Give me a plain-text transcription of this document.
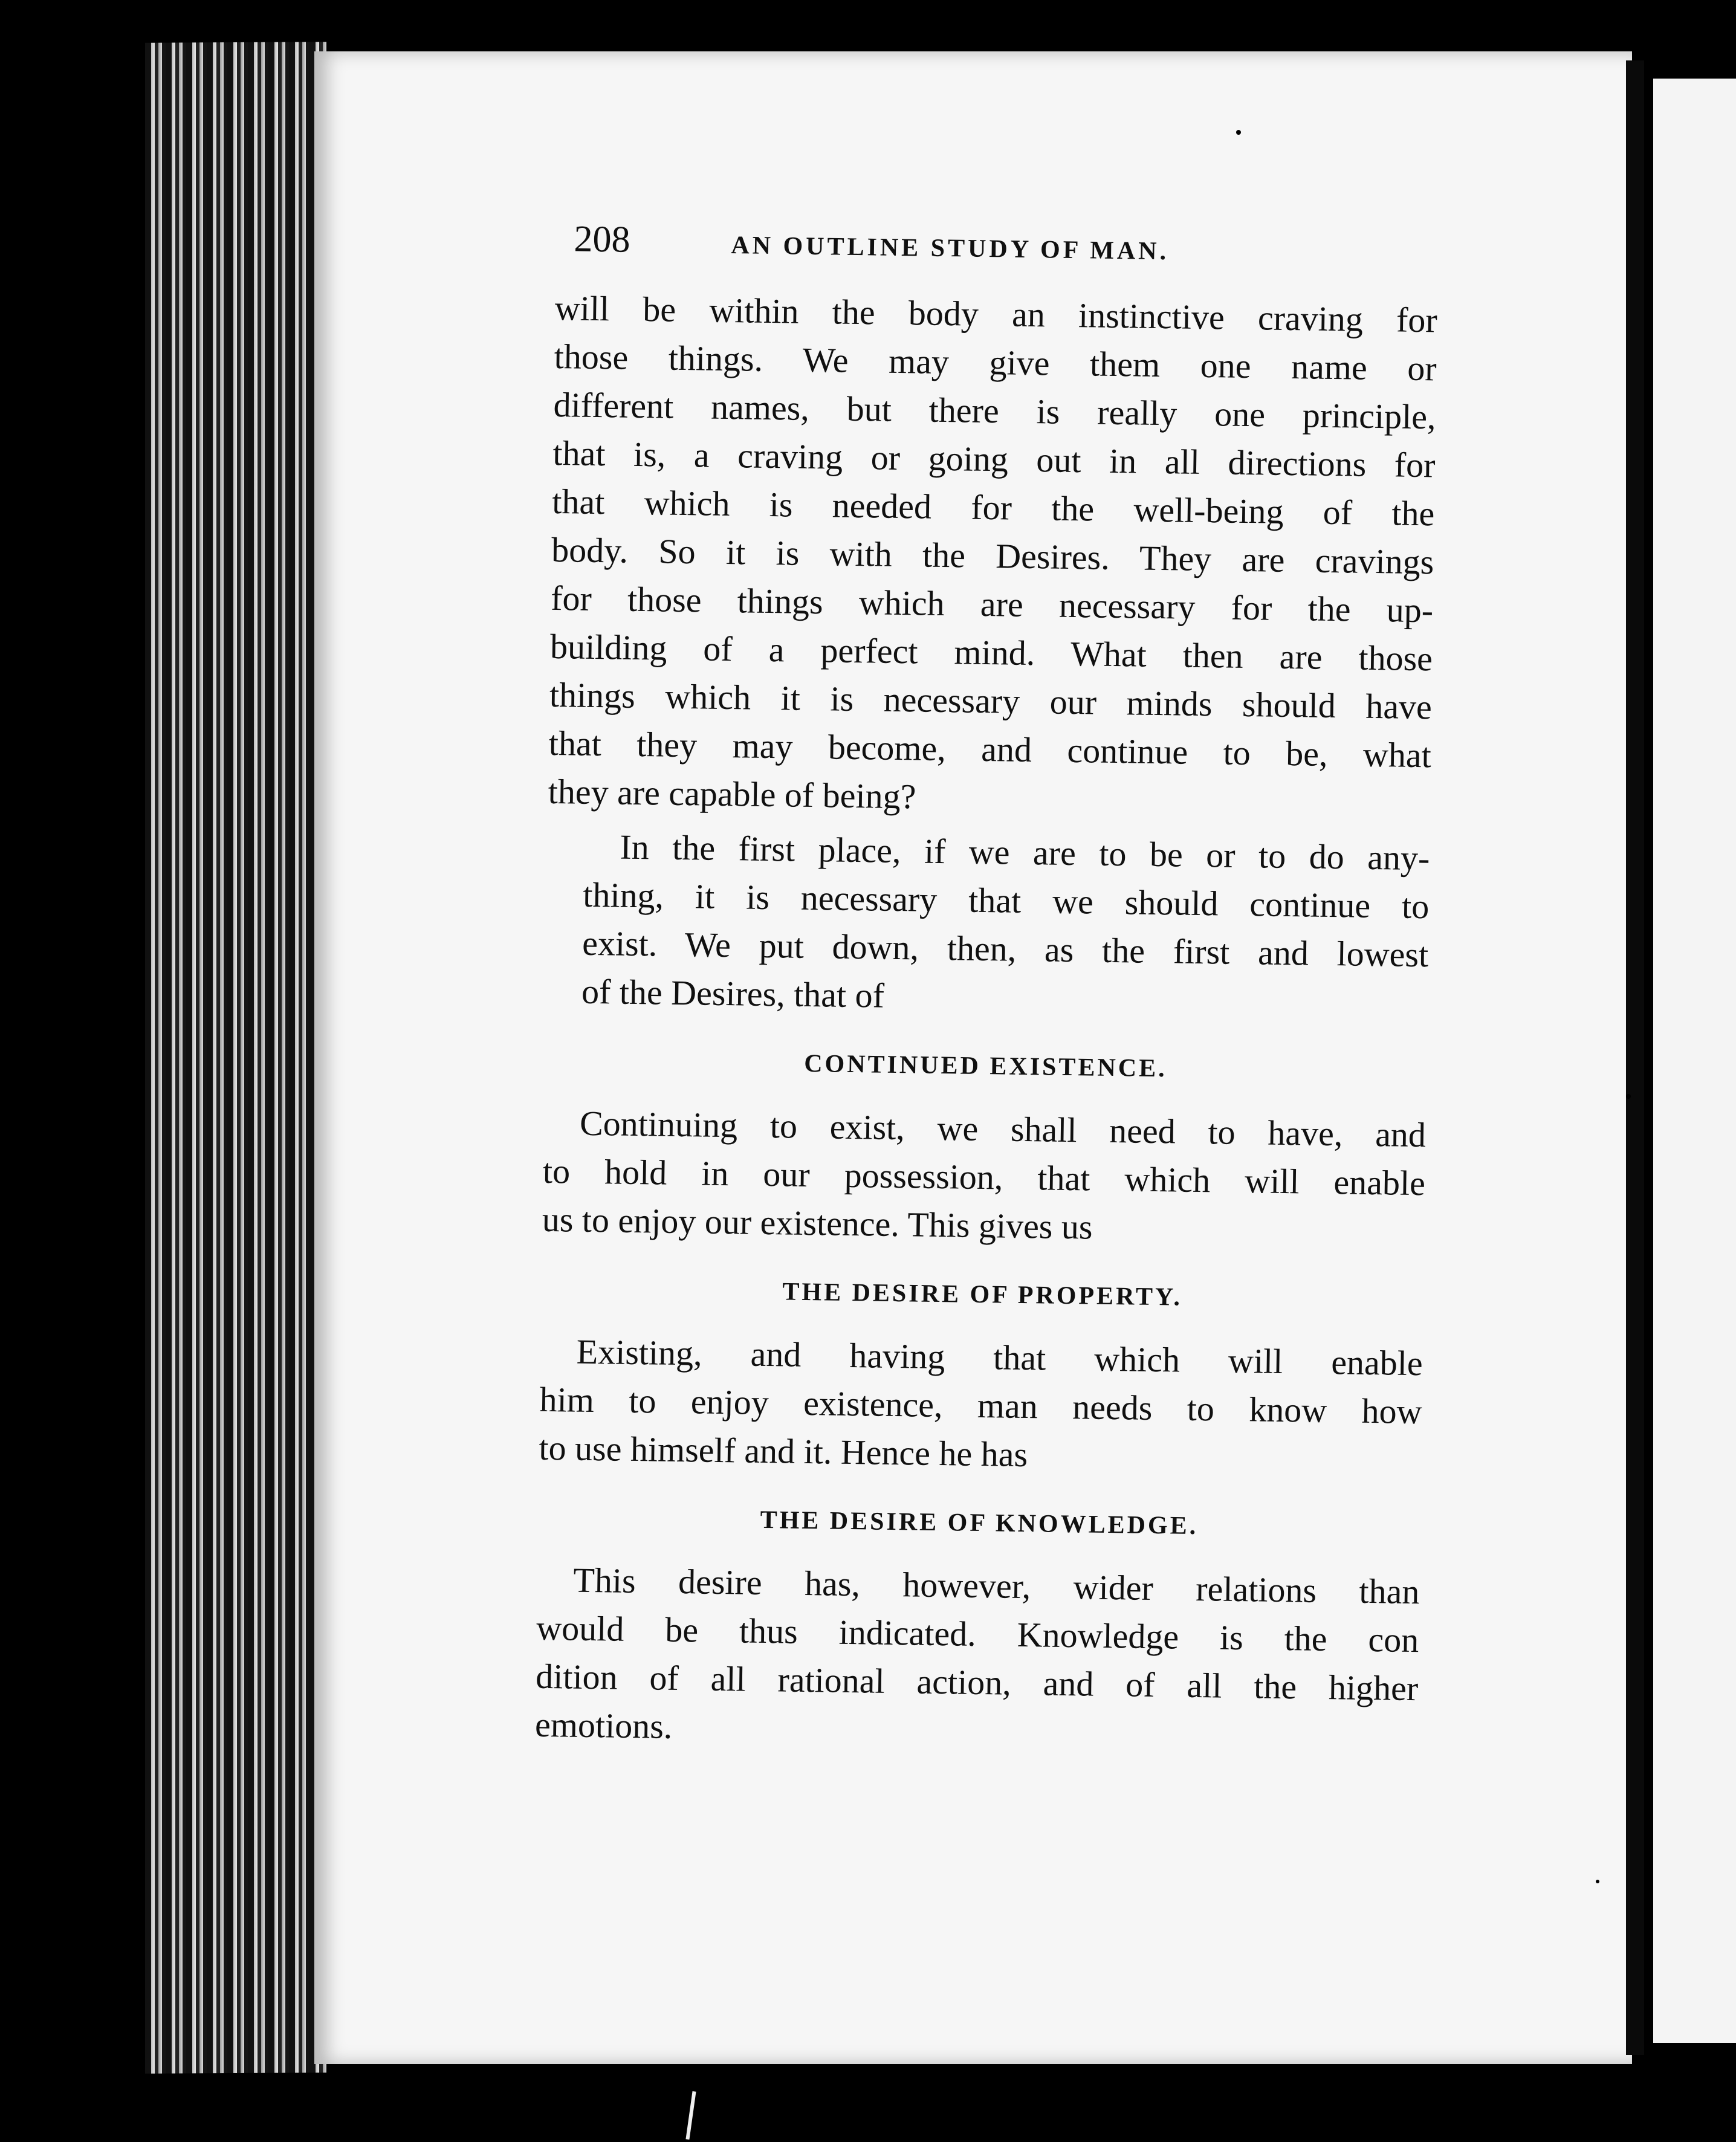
208	AN OUTLINE STUDY OF MAN.
will be within the body an instinctive craving for
those things. We may give them one name or
different names, but there is really one principle,
that is, a craving or going out in all directions for
that which is needed for the well-being of the
body. So it is with the Desires. They are cravings
for those things which are necessary for the up-
building of a perfect mind. What then are those
things which it is necessary our minds should have
that they may become, and continue to be, what
they are capable of being?
In the first place, if we are to be or to do any-
thing, it is necessary that we should continue to
exist. We put down, then, as the first and lowest
of the Desires, that of
CONTINUED EXISTENCE.
Continuing to exist, we shall need to have, and
to hold in our possession, that which will enable
us to enjoy our existence. This gives us
THE DESIRE OF PROPERTY.
Existing, and having that which will enable
him to enjoy existence, man needs to know how
to use himself and it. Hence he has
THE DESIRE OF KNOWLEDGE.
This desire has, however, wider relations than
would be thus indicated. Knowledge is the con
dition of all rational action, and of all the higher
emotions.
